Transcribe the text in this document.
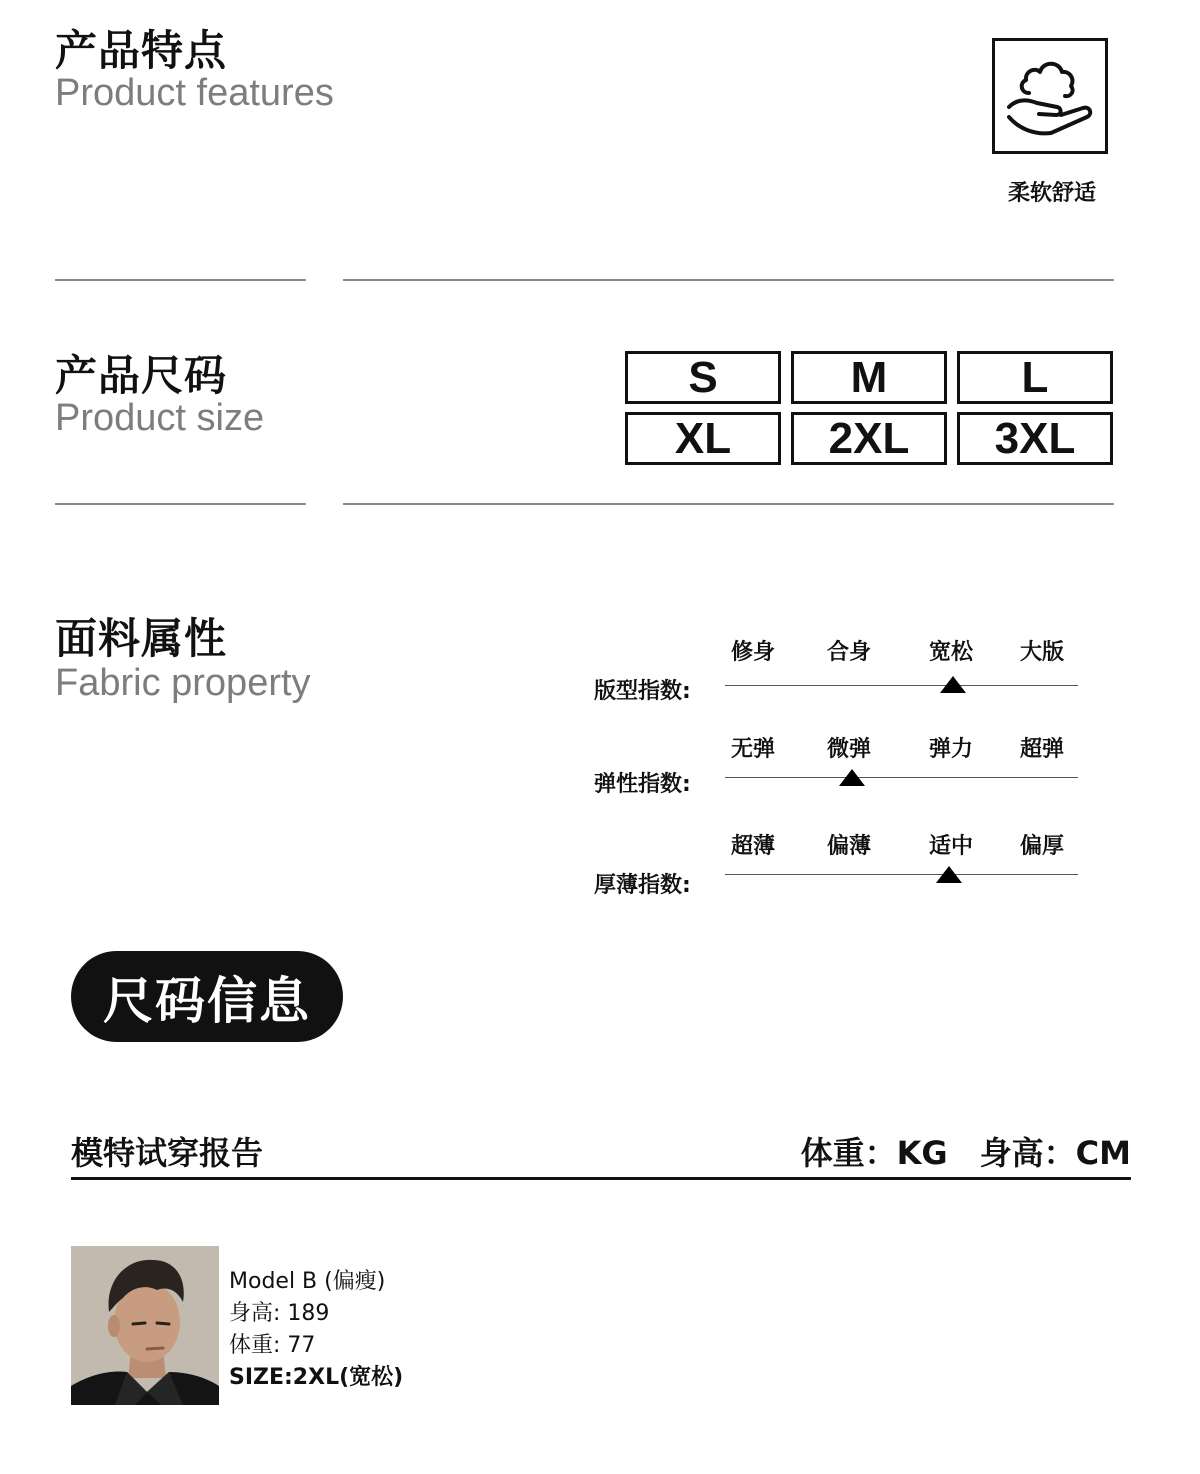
产品特点
Product features
柔软舒适
产品尺码
Product size
S	M	L
XL	2XL	3XL
面料属性
Fabric property	版型指数:
修身	合身	宽松	大版
弹性指数:
无弹	微弹	弹力	超弹
厚薄指数:
超薄	偏薄	适中	偏厚
尺码信息
模特试穿报告	体重：KG　身高：CM
Model B (偏瘦)
身高: 189
体重: 77
SIZE:2XL(宽松)
